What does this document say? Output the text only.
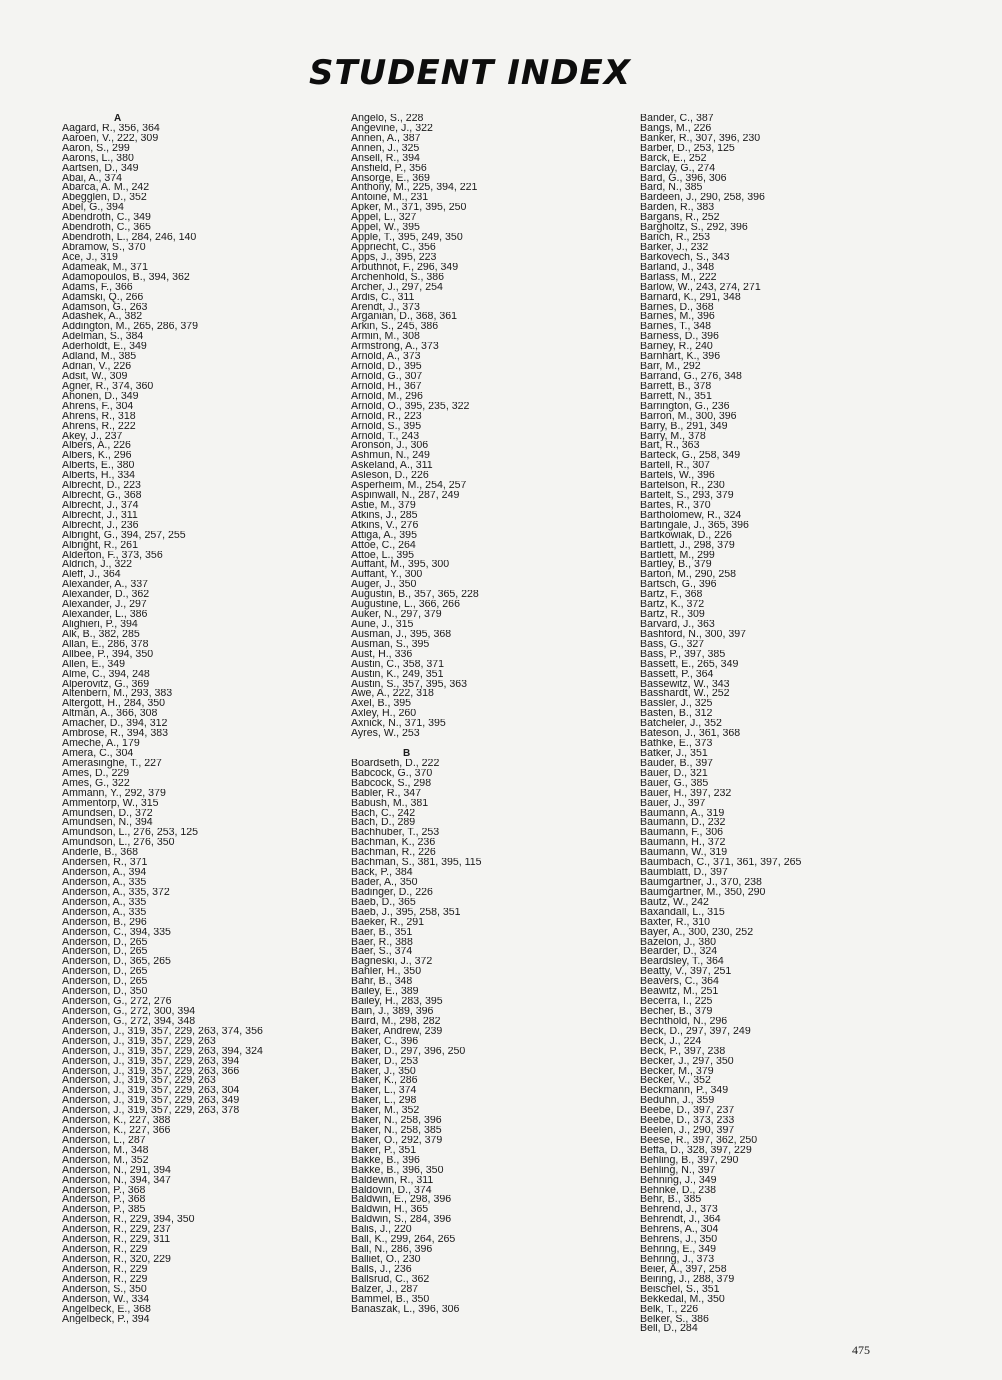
STUDENT INDEX
A
Aagard, R., 356, 364
Aaroen, V., 222, 309
Aaron, S., 299
Aarons, L., 380
Aartsen, D., 349
Abai, A., 374
Abarca, A. M., 242
Abegglen, D., 352
Abel, G., 394
Abendroth, C., 349
Abendroth, C., 365
Abendroth, L., 284, 246, 140
Abramow, S., 370
Ace, J., 319
Adameak, M., 371
Adamopoulos, B., 394, 362
Adams, F., 366
Adamski, Q., 266
Adamson, G., 263
Adashek, A., 382
Addington, M., 265, 286, 379
Adelman, S., 384
Aderholdt, E., 349
Adland, M., 385
Adrian, V., 226
Adsit, W., 309
Agner, R., 374, 360
Ahonen, D., 349
Ahrens, F., 304
Ahrens, R., 318
Ahrens, R., 222
Akey, J., 237
Albers, A., 226
Albers, K., 296
Alberts, E., 380
Alberts, H., 334
Albrecht, D., 223
Albrecht, G., 368
Albrecht, J., 374
Albrecht, J., 311
Albrecht, J., 236
Albright, G., 394, 257, 255
Albright, R., 261
Alderton, F., 373, 356
Aldrich, J., 322
Aleff, J., 364
Alexander, A., 337
Alexander, D., 362
Alexander, J., 297
Alexander, L., 386
Alighieri, P., 394
Alk, B., 382, 285
Allan, E., 286, 378
Allbee, P., 394, 350
Allen, E., 349
Alme, C., 394, 248
Alperovitz, G., 369
Altenbern, M., 293, 383
Altergott, H., 284, 350
Altman, A., 366, 308
Amacher, D., 394, 312
Ambrose, R., 394, 383
Ameche, A., 179
Amera, C., 304
Amerasinghe, T., 227
Ames, D., 229
Ames, G., 322
Ammann, Y., 292, 379
Ammentorp, W., 315
Amundsen, D., 372
Amundsen, N., 394
Amundson, L., 276, 253, 125
Amundson, L., 276, 350
Anderle, B., 368
Andersen, R., 371
Anderson, A., 394
Anderson, A., 335
Anderson, A., 335, 372
Anderson, A., 335
Anderson, A., 335
Anderson, B., 296
Anderson, C., 394, 335
Anderson, D., 265
Anderson, D., 265
Anderson, D., 365, 265
Anderson, D., 265
Anderson, D., 265
Anderson, D., 350
Anderson, G., 272, 276
Anderson, G., 272, 300, 394
Anderson, G., 272, 394, 348
Anderson, J., 319, 357, 229, 263, 374, 356
Anderson, J., 319, 357, 229, 263
Anderson, J., 319, 357, 229, 263, 394, 324
Anderson, J., 319, 357, 229, 263, 394
Anderson, J., 319, 357, 229, 263, 366
Anderson, J., 319, 357, 229, 263
Anderson, J., 319, 357, 229, 263, 304
Anderson, J., 319, 357, 229, 263, 349
Anderson, J., 319, 357, 229, 263, 378
Anderson, K., 227, 388
Anderson, K., 227, 366
Anderson, L., 287
Anderson, M., 348
Anderson, M., 352
Anderson, N., 291, 394
Anderson, N., 394, 347
Anderson, P., 368
Anderson, P., 368
Anderson, P., 385
Anderson, R., 229, 394, 350
Anderson, R., 229, 237
Anderson, R., 229, 311
Anderson, R., 229
Anderson, R., 320, 229
Anderson, R., 229
Anderson, R., 229
Anderson, S., 350
Anderson, W., 334
Angelbeck, E., 368
Angelbeck, P., 394
Angelo, S., 228
Angevine, J., 322
Annen, A., 387
Annen, J., 325
Ansell, R., 394
Ansfield, P., 356
Ansorge, E., 369
Anthony, M., 225, 394, 221
Antoine, M., 231
Apker, M., 371, 395, 250
Appel, L., 327
Appel, W., 395
Apple, T., 395, 249, 350
Appriecht, C., 356
Apps, J., 395, 223
Arbuthnot, F., 296, 349
Archenhold, S., 386
Archer, J., 297, 254
Ardis, C., 311
Arendt, J., 373
Arganian, D., 368, 361
Arkin, S., 245, 386
Armin, M., 308
Armstrong, A., 373
Arnold, A., 373
Arnold, D., 395
Arnold, G., 307
Arnold, H., 367
Arnold, M., 296
Arnold, O., 395, 235, 322
Arnold, R., 223
Arnold, S., 395
Arnold, T., 243
Aronson, J., 306
Ashmun, N., 249
Askeland, A., 311
Asleson, D., 226
Asperheim, M., 254, 257
Aspinwall, N., 287, 249
Astie, M., 379
Atkins, J., 285
Atkins, V., 276
Attiga, A., 395
Attoe, C., 264
Attoe, L., 395
Auffant, M., 395, 300
Auffant, Y., 300
Auger, J., 350
Augustin, B., 357, 365, 228
Augustine, L., 366, 266
Auker, N., 297, 379
Aune, J., 315
Ausman, J., 395, 368
Ausman, S., 395
Aust, H., 336
Austin, C., 358, 371
Austin, K., 249, 351
Austin, S., 357, 395, 363
Awe, A., 222, 318
Axel, B., 395
Axley, H., 260
Axnick, N., 371, 395
Ayres, W., 253
B
Boardseth, D., 222
Babcock, G., 370
Babcock, S., 298
Babler, R., 347
Babush, M., 381
Bach, C., 242
Bach, D., 289
Bachhuber, T., 253
Bachman, K., 236
Bachman, R., 226
Bachman, S., 381, 395, 115
Back, P., 384
Bader, A., 350
Badinger, D., 226
Baeb, D., 365
Baeb, J., 395, 258, 351
Baeker, R., 291
Baer, B., 351
Baer, R., 388
Baer, S., 374
Bagneski, J., 372
Bahler, H., 350
Bahr, B., 348
Bailey, E., 389
Bailey, H., 283, 395
Bain, J., 389, 396
Baird, M., 298, 282
Baker, Andrew, 239
Baker, C., 396
Baker, D., 297, 396, 250
Baker, D., 253
Baker, J., 350
Baker, K., 286
Baker, L., 374
Baker, L., 298
Baker, M., 352
Baker, N., 258, 396
Baker, N., 258, 385
Baker, O., 292, 379
Baker, P., 351
Bakke, B., 396
Bakke, B., 396, 350
Baldewin, R., 311
Baldovin, D., 374
Baldwin, E., 298, 396
Baldwin, H., 365
Baldwin, S., 284, 396
Balis, J., 220
Ball, K., 299, 264, 265
Ball, N., 286, 396
Balliet, O., 230
Balls, J., 236
Ballsrud, C., 362
Balzer, J., 287
Bammel, B., 350
Banaszak, L., 396, 306
Bander, C., 387
Bangs, M., 226
Banker, R., 307, 396, 230
Barber, D., 253, 125
Barck, E., 252
Barclay, G., 274
Bard, G., 396, 306
Bard, N., 385
Bardeen, J., 290, 258, 396
Barden, R., 383
Bargans, R., 252
Bargholtz, S., 292, 396
Barich, R., 253
Barker, J., 232
Barkovech, S., 343
Barland, J., 348
Barlass, M., 222
Barlow, W., 243, 274, 271
Barnard, K., 291, 348
Barnes, D., 368
Barnes, M., 396
Barnes, T., 348
Barness, D., 396
Barney, R., 240
Barnhart, K., 396
Barr, M., 292
Barrand, G., 276, 348
Barrett, B., 378
Barrett, N., 351
Barrington, G., 236
Barron, M., 300, 396
Barry, B., 291, 349
Barry, M., 378
Bart, R., 363
Barteck, G., 258, 349
Bartell, R., 307
Bartels, W., 396
Bartelson, R., 230
Bartelt, S., 293, 379
Bartes, R., 370
Bartholomew, R., 324
Bartingale, J., 365, 396
Bartkowiak, D., 226
Bartlett, J., 298, 379
Bartlett, M., 299
Bartley, B., 379
Barton, M., 290, 258
Bartsch, G., 396
Bartz, F., 368
Bartz, K., 372
Bartz, R., 309
Barvard, J., 363
Bashford, N., 300, 397
Bass, G., 327
Bass, P., 397, 385
Bassett, E., 265, 349
Bassett, P., 364
Bassewitz, W., 343
Basshardt, W., 252
Bassler, J., 325
Basten, B., 312
Batcheler, J., 352
Bateson, J., 361, 368
Bathke, E., 373
Batker, J., 351
Bauder, B., 397
Bauer, D., 321
Bauer, G., 385
Bauer, H., 397, 232
Bauer, J., 397
Baumann, A., 319
Baumann, D., 232
Baumann, F., 306
Baumann, H., 372
Baumann, W., 319
Baumbach, C., 371, 361, 397, 265
Baumblatt, D., 397
Baumgartner, J., 370, 238
Baumgartner, M., 350, 290
Bautz, W., 242
Baxandall, L., 315
Baxter, R., 310
Bayer, A., 300, 230, 252
Bazelon, J., 380
Bearder, D., 324
Beardsley, T., 364
Beatty, V., 397, 251
Beavers, C., 364
Beawitz, M., 251
Becerra, I., 225
Becher, B., 379
Bechthold, N., 296
Beck, D., 297, 397, 249
Beck, J., 224
Beck, P., 397, 238
Becker, J., 297, 350
Becker, M., 379
Becker, V., 352
Beckmann, P., 349
Beduhn, J., 359
Beebe, D., 397, 237
Beebe, D., 373, 233
Beelen, J., 290, 397
Beese, R., 397, 362, 250
Beffa, D., 328, 397, 229
Behling, B., 397, 290
Behling, N., 397
Behning, J., 349
Behnke, D., 238
Behr, B., 385
Behrend, J., 373
Behrendt, J., 364
Behrens, A., 304
Behrens, J., 350
Behring, E., 349
Behring, J., 373
Beier, A., 397, 258
Beiring, J., 288, 379
Beischel, S., 351
Bekkedal, M., 350
Belk, T., 226
Belker, S., 386
Bell, D., 284
475
